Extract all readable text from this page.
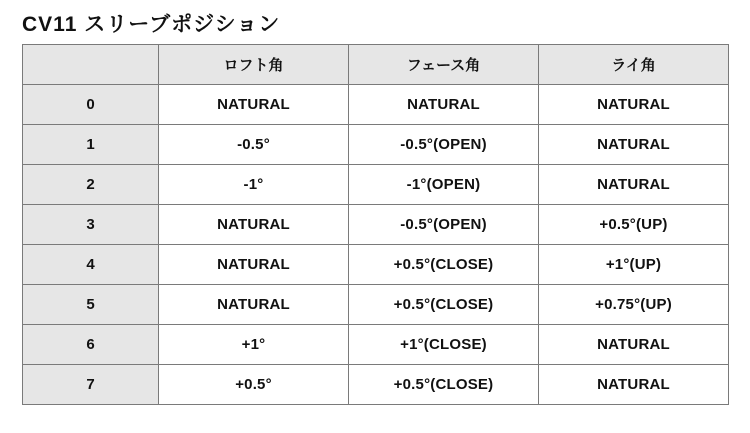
CV11 スリーブポジション
	ロフト角	フェース角	ライ角
0	NATURAL	NATURAL	NATURAL
1	-0.5°	-0.5°(OPEN)	NATURAL
2	-1°	-1°(OPEN)	NATURAL
3	NATURAL	-0.5°(OPEN)	+0.5°(UP)
4	NATURAL	+0.5°(CLOSE)	+1°(UP)
5	NATURAL	+0.5°(CLOSE)	+0.75°(UP)
6	+1°	+1°(CLOSE)	NATURAL
7	+0.5°	+0.5°(CLOSE)	NATURAL
